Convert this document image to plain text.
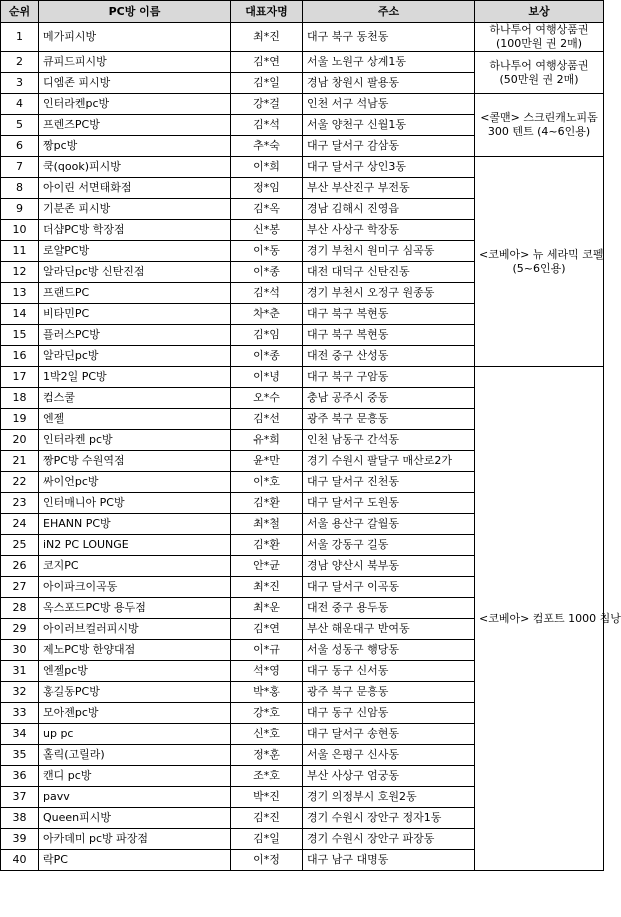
순위	PC방 이름	대표자명	주소	보상
1	메가피시방	최*진	대구 북구 동천동	하나투어 여행상품권
(100만원 권 2매)

2	큐피드피시방	김*연	서울 노원구 상계1동	하나투어 여행상품권
(50만원 권 2매)

3	디엠존 피시방	김*일	경남 창원시 팔용동	
4	인터라켄pc방	강*걸	인천 서구 석남동	<콜맨> 스크린캐노피돔
300 텐트 (4~6인용)

5	프렌즈PC방	김*석	서울 양천구 신월1동	
6	짱pc방	추*숙	대구 달서구 감삼동	
7	쿡(qook)피시방	이*희	대구 달서구 상인3동	<코베아> 뉴 세라믹 코펠
(5~6인용)

8	아이린 서면태화점	정*임	부산 부산진구 부전동	
9	기분존 피시방	김*옥	경남 김해시 진영읍	
10	더샵PC방 학장점	신*봉	부산 사상구 학장동	
11	로얄PC방	이*동	경기 부천시 원미구 심곡동	
12	알라딘pc방 신탄진점	이*종	대전 대덕구 신탄진동	
13	프랜드PC	김*석	경기 부천시 오정구 원종동	
14	비타민PC	차*춘	대구 북구 복현동	
15	플러스PC방	김*임	대구 북구 복현동	
16	알라딘pc방	이*종	대전 중구 산성동	
17	1박2일 PC방	이*녕	대구 북구 구암동	<코베아> 컴포트 1000 침낭

18	컴스쿨	오*수	충남 공주시 중동	
19	엔젤	김*선	광주 북구 문흥동	
20	인터라켄 pc방	유*희	인천 남동구 간석동	
21	짱PC방 수원역점	윤*만	경기 수원시 팔달구 매산로2가	
22	싸이언pc방	이*호	대구 달서구 진천동	
23	인터매니아 PC방	김*환	대구 달서구 도원동	
24	EHANN PC방	최*철	서울 용산구 갈월동	
25	iN2 PC LOUNGE	김*환	서울 강동구 길동	
26	코지PC	안*균	경남 양산시 북부동	
27	아이파크이곡동	최*진	대구 달서구 이곡동	
28	옥스포드PC방 용두점	최*운	대전 중구 용두동	
29	아이러브컬러피시방	김*연	부산 해운대구 반여동	
30	제노PC방 한양대점	이*규	서울 성동구 행당동	
31	엔젤pc방	석*영	대구 동구 신서동	
32	홍길동PC방	박*홍	광주 북구 문흥동	
33	모아젠pc방	강*호	대구 동구 신암동	
34	up pc	신*호	대구 달서구 송현동	
35	홀릭(고릴라)	정*훈	서울 은평구 신사동	
36	캔디 pc방	조*호	부산 사상구 엄궁동	
37	pavv	박*진	경기 의정부시 호원2동	
38	Queen피시방	김*진	경기 수원시 장안구 정자1동	
39	아카데미 pc방 파장점	김*일	경기 수원시 장안구 파장동	
40	락PC	이*정	대구 남구 대명동	
